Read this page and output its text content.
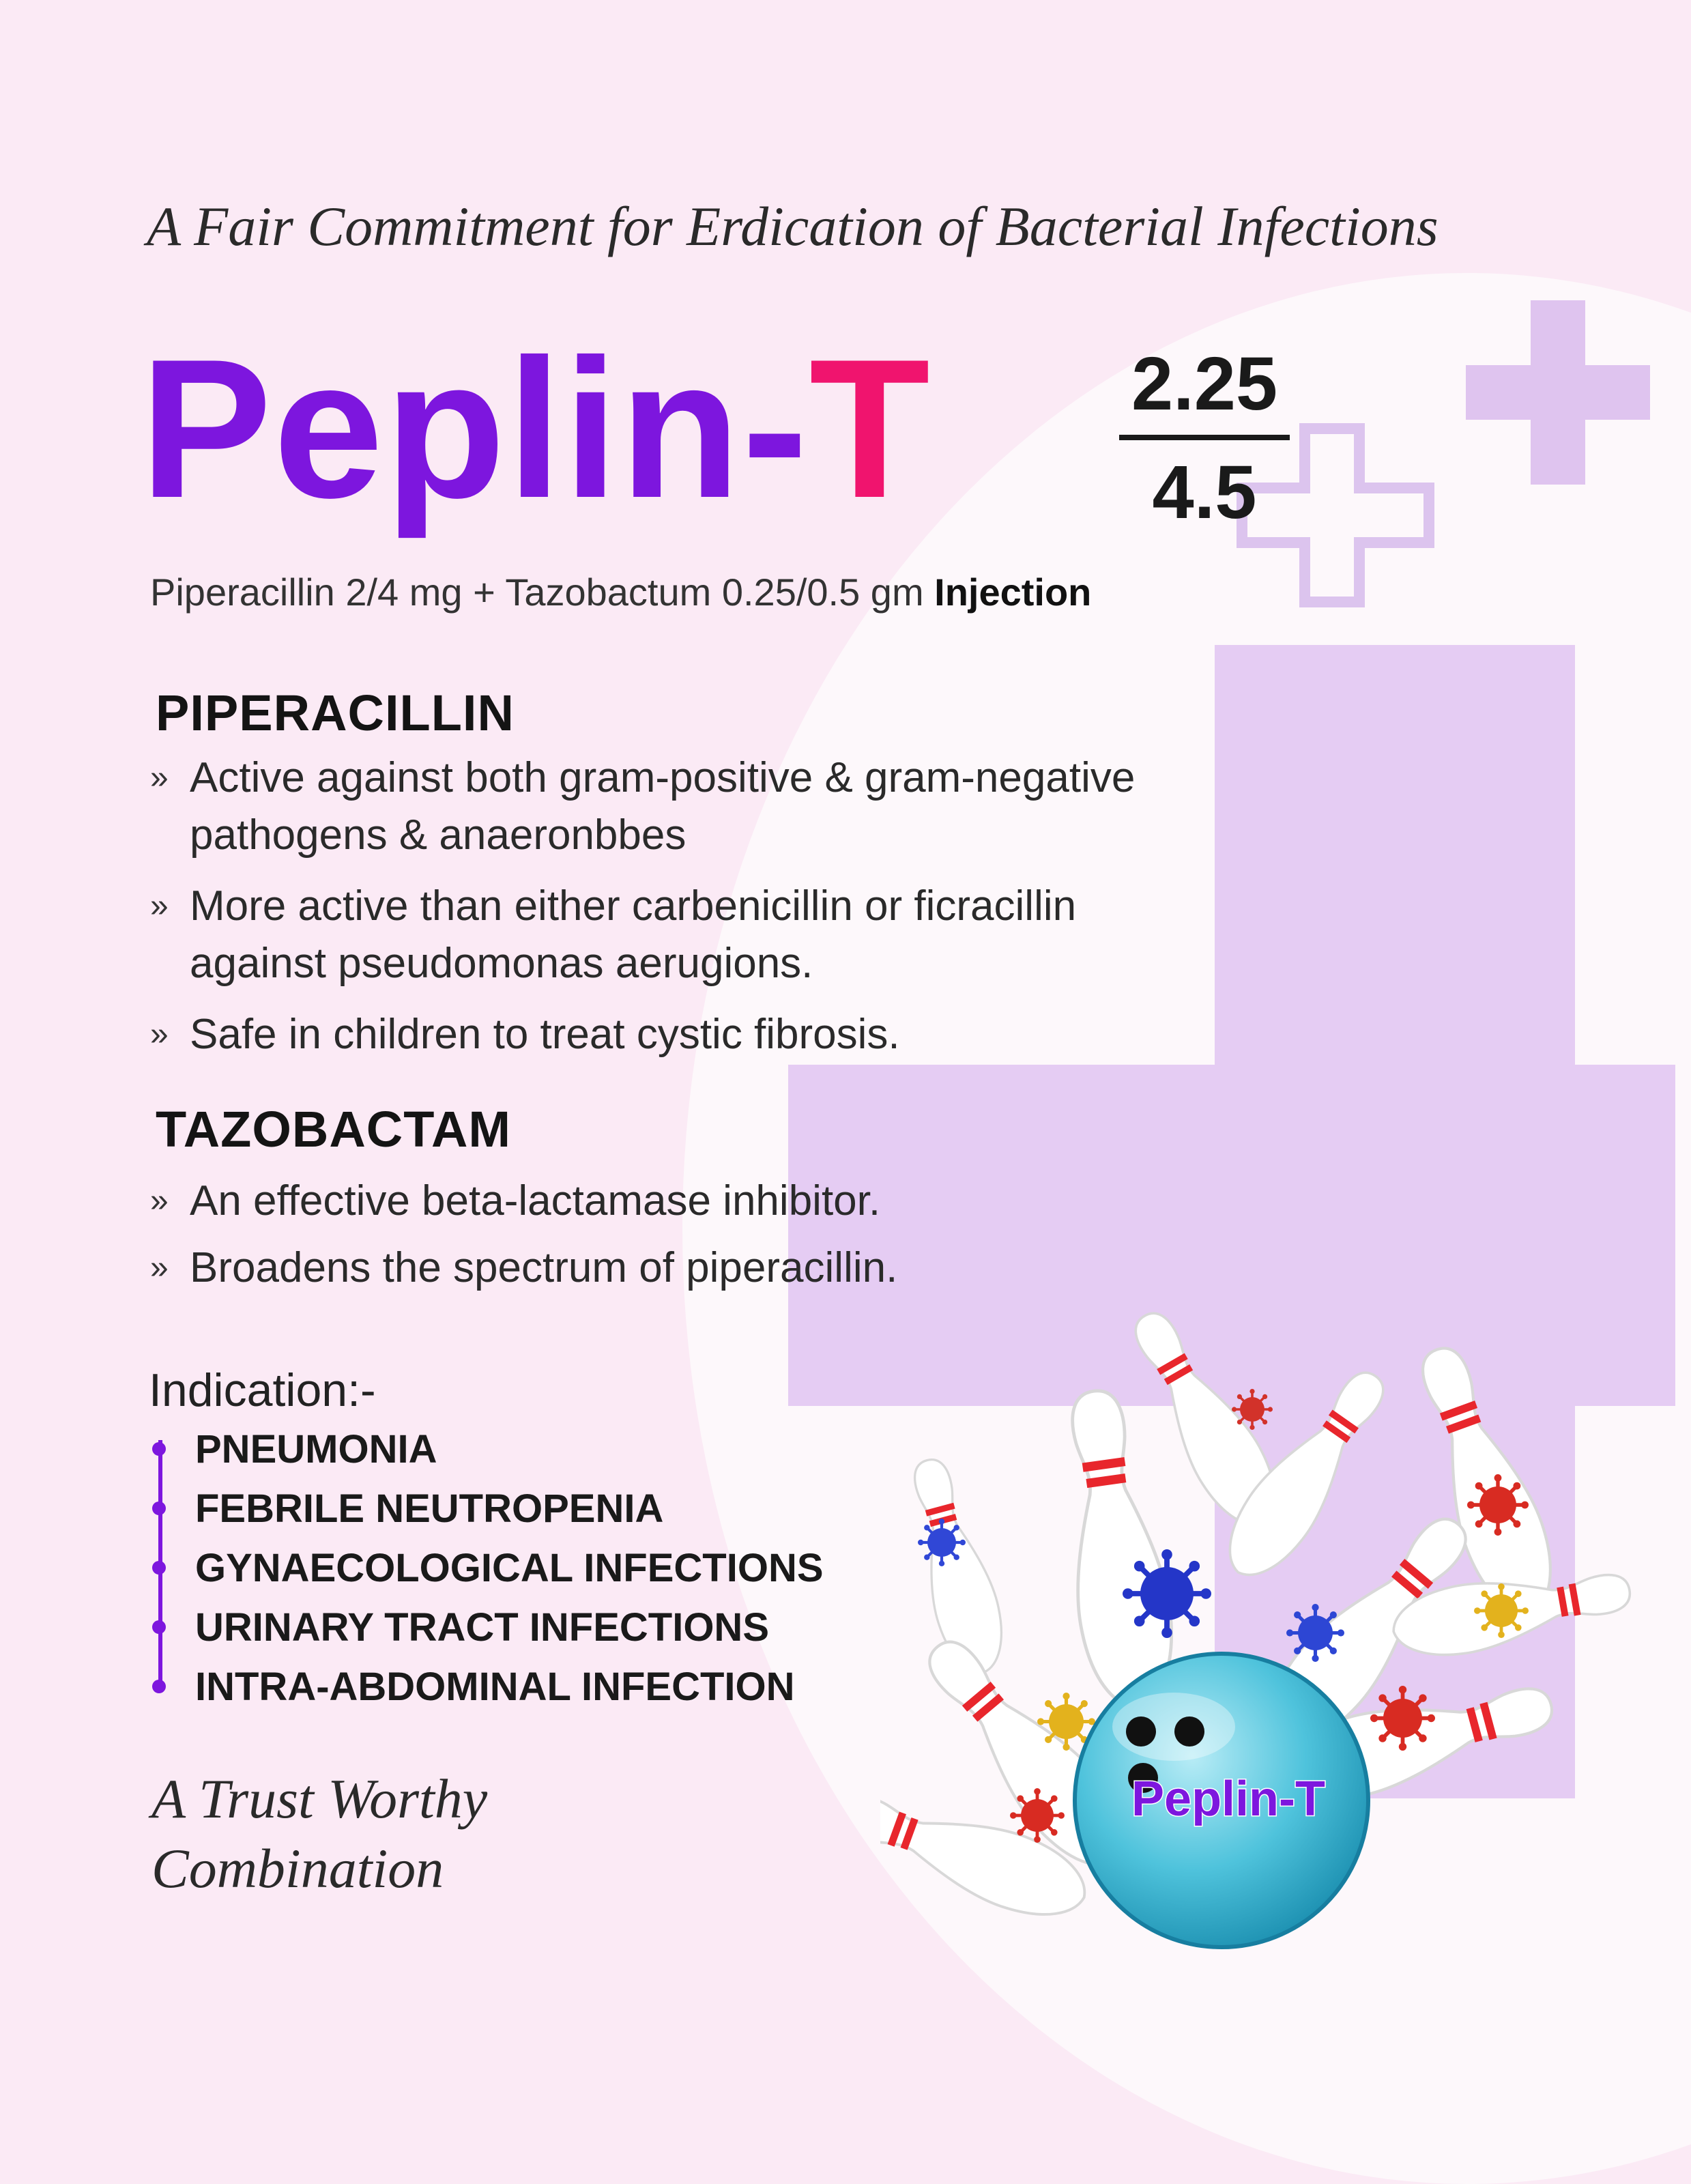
A Fair Commitment for Erdication of Bacterial Infections
Peplin-T	2.25
4.5
Piperacillin 2/4 mg + Tazobactum 0.25/0.5 gm Injection
PIPERACILLIN
» Active against both gram-positive & gram-negative
pathogens & anaeronbbes
» More active than either carbenicillin or ficracillin
against pseudomonas aerugions.
» Safe in children to treat cystic fibrosis.
TAZOBACTAM
» An effective beta-lactamase inhibitor.
» Broadens the spectrum of piperacillin.
Indication:-
PNEUMONIA
FEBRILE NEUTROPENIA
GYNAECOLOGICAL INFECTIONS
URINARY TRACT INFECTIONS
INTRA-ABDOMINAL INFECTION
A Trust Worthy
Combination
Peplin-T
